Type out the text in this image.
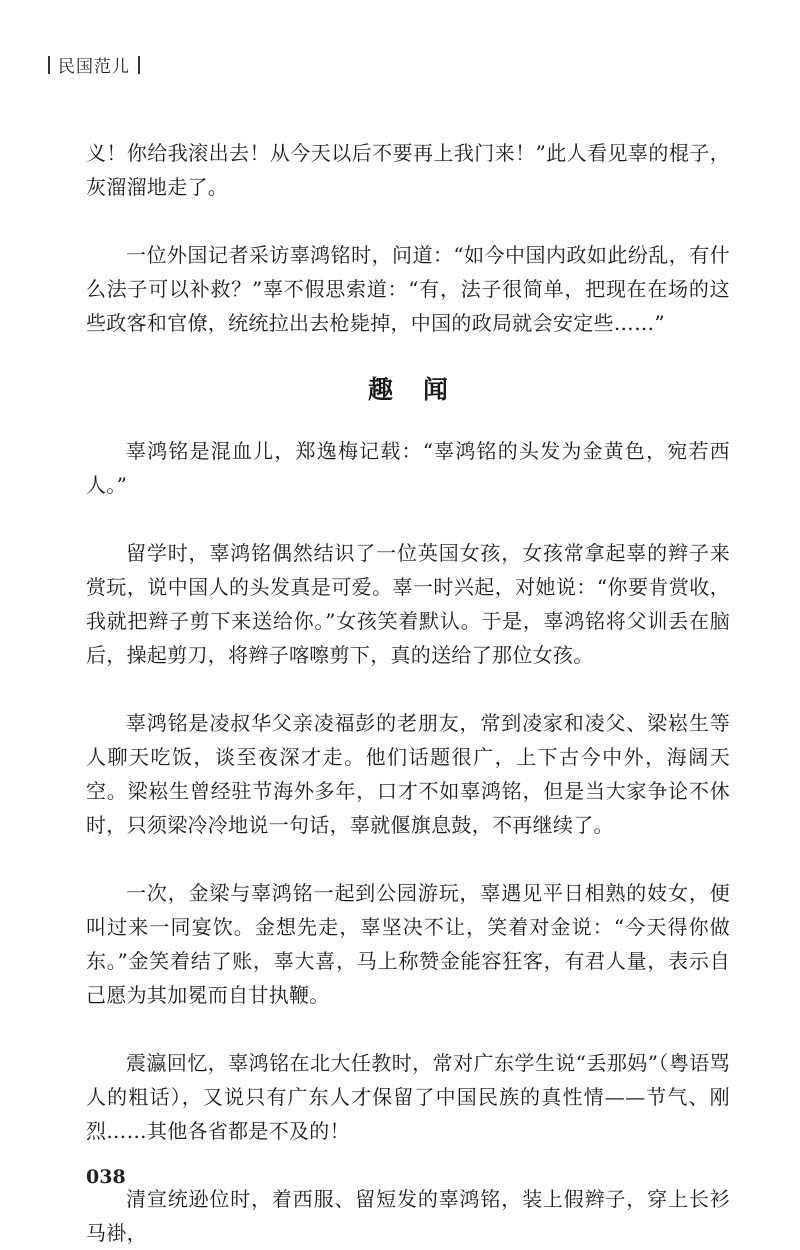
民国范儿

义！你给我滚出去！从今天以后不要再上我门来！”此人看见辜的棍子，灰溜溜地走了。

一位外国记者采访辜鸿铭时，问道：“如今中国内政如此纷乱，有什么法子可以补救？”辜不假思索道：“有，法子很简单，把现在在场的这些政客和官僚，统统拉出去枪毙掉，中国的政局就会安定些……”

趣闻

辜鸿铭是混血儿，郑逸梅记载：“辜鸿铭的头发为金黄色，宛若西人。”

留学时，辜鸿铭偶然结识了一位英国女孩，女孩常拿起辜的辫子来赏玩，说中国人的头发真是可爱。辜一时兴起，对她说：“你要肯赏收，我就把辫子剪下来送给你。”女孩笑着默认。于是，辜鸿铭将父训丢在脑后，操起剪刀，将辫子喀嚓剪下，真的送给了那位女孩。

辜鸿铭是凌叔华父亲凌福彭的老朋友，常到凌家和凌父、梁崧生等人聊天吃饭，谈至夜深才走。他们话题很广，上下古今中外，海阔天空。梁崧生曾经驻节海外多年，口才不如辜鸿铭，但是当大家争论不休时，只须梁冷冷地说一句话，辜就偃旗息鼓，不再继续了。

一次，金梁与辜鸿铭一起到公园游玩，辜遇见平日相熟的妓女，便叫过来一同宴饮。金想先走，辜坚决不让，笑着对金说：“今天得你做东。”金笑着结了账，辜大喜，马上称赞金能容狂客，有君人量，表示自己愿为其加冕而自甘执鞭。

震瀛回忆，辜鸿铭在北大任教时，常对广东学生说“丢那妈”（粤语骂人的粗话），又说只有广东人才保留了中国民族的真性情——节气、刚烈……其他各省都是不及的！

清宣统逊位时，着西服、留短发的辜鸿铭，装上假辫子，穿上长衫马褂，

038
